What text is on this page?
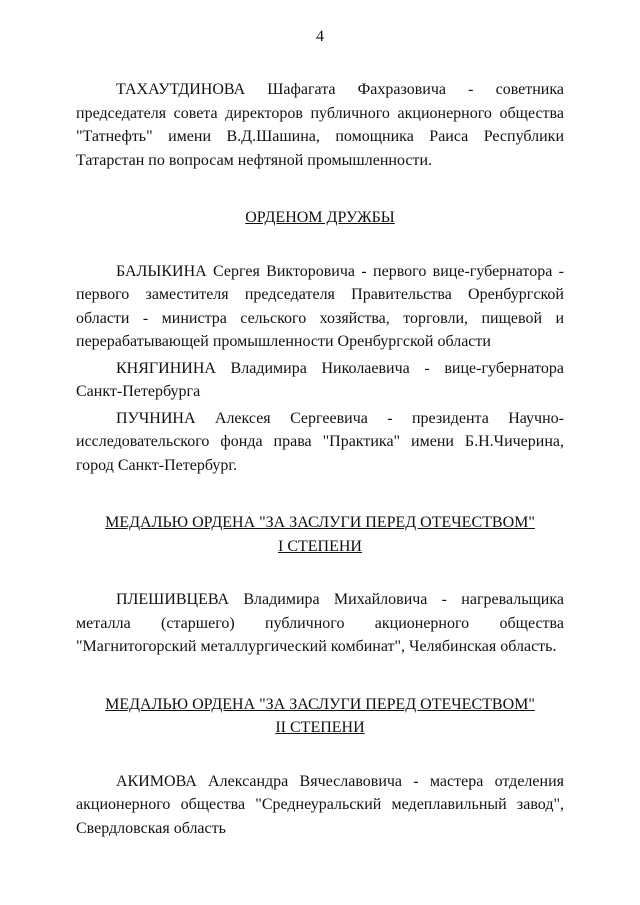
4

ТАХАУТДИНОВА Шафагата Фахразовича - советника председателя совета директоров публичного акционерного общества "Татнефть" имени В.Д.Шашина, помощника Раиса Республики Татарстан по вопросам нефтяной промышленности.

ОРДЕНОМ ДРУЖБЫ

БАЛЫКИНА Сергея Викторовича - первого вице-губернатора - первого заместителя председателя Правительства Оренбургской области - министра сельского хозяйства, торговли, пищевой и перерабатывающей промышленности Оренбургской области

КНЯГИНИНА Владимира Николаевича - вице-губернатора Санкт-Петербурга

ПУЧНИНА Алексея Сергеевича - президента Научно-исследовательского фонда права "Практика" имени Б.Н.Чичерина, город Санкт-Петербург.

МЕДАЛЬЮ ОРДЕНА "ЗА ЗАСЛУГИ ПЕРЕД ОТЕЧЕСТВОМ"

I СТЕПЕНИ

ПЛЕШИВЦЕВА Владимира Михайловича - нагревальщика металла (старшего) публичного акционерного общества "Магнитогорский металлургический комбинат", Челябинская область.

МЕДАЛЬЮ ОРДЕНА "ЗА ЗАСЛУГИ ПЕРЕД ОТЕЧЕСТВОМ"

II СТЕПЕНИ

АКИМОВА Александра Вячеславовича - мастера отделения акционерного общества "Среднеуральский медеплавильный завод", Свердловская область
